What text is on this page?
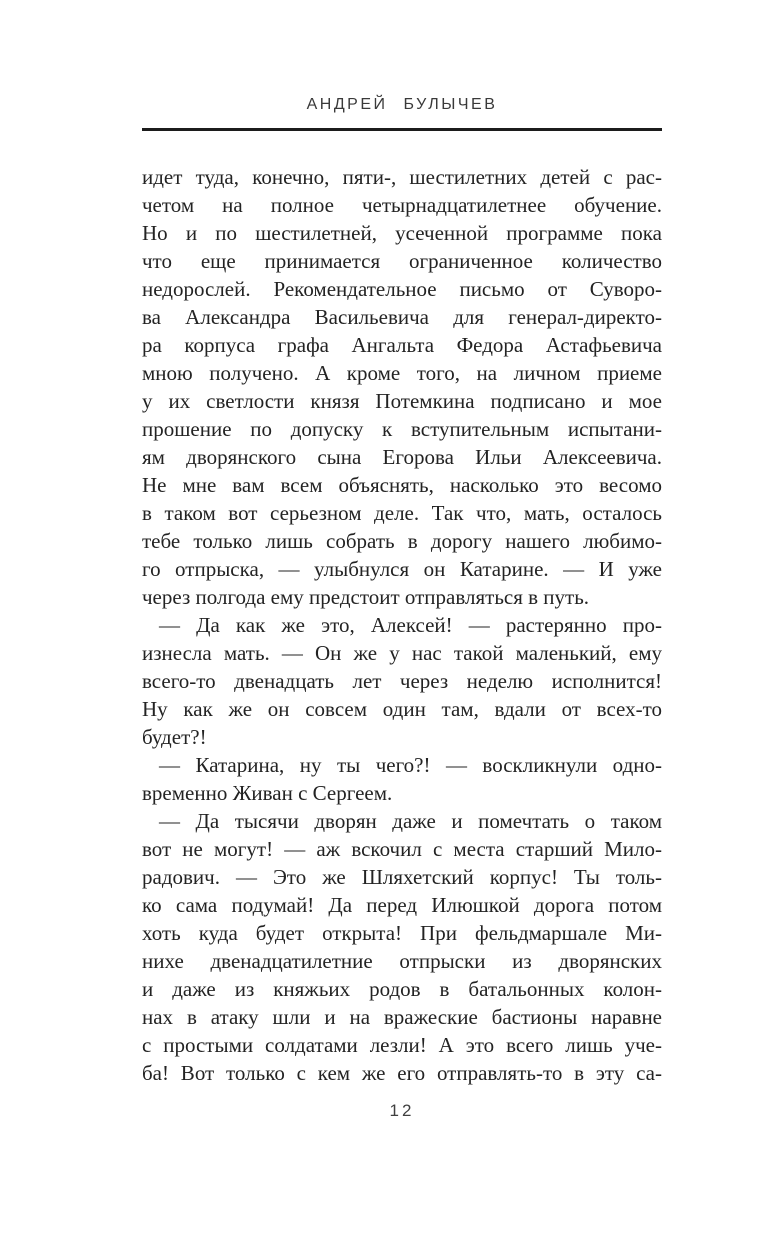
АНДРЕЙ БУЛЫЧЕВ
идет туда, конечно, пяти-, шестилетних детей с рас-
четом на полное четырнадцатилетнее обучение.
Но и по шестилетней, усеченной программе пока
что еще принимается ограниченное количество
недорослей. Рекомендательное письмо от Суворо-
ва Александра Васильевича для генерал-директо-
ра корпуса графа Ангальта Федора Астафьевича
мною получено. А кроме того, на личном приеме
у их светлости князя Потемкина подписано и мое
прошение по допуску к вступительным испытани-
ям дворянского сына Егорова Ильи Алексеевича.
Не мне вам всем объяснять, насколько это весомо
в таком вот серьезном деле. Так что, мать, осталось
тебе только лишь собрать в дорогу нашего любимо-
го отпрыска, — улыбнулся он Катарине. — И уже
через полгода ему предстоит отправляться в путь.
— Да как же это, Алексей! — растерянно про-
изнесла мать. — Он же у нас такой маленький, ему
всего-то двенадцать лет через неделю исполнится!
Ну как же он совсем один там, вдали от всех-то
будет?!
— Катарина, ну ты чего?! — воскликнули одно-
временно Живан с Сергеем.
— Да тысячи дворян даже и помечтать о таком
вот не могут! — аж вскочил с места старший Мило-
радович. — Это же Шляхетский корпус! Ты толь-
ко сама подумай! Да перед Илюшкой дорога потом
хоть куда будет открыта! При фельдмаршале Ми-
нихе двенадцатилетние отпрыски из дворянских
и даже из княжьих родов в батальонных колон-
нах в атаку шли и на вражеские бастионы наравне
с простыми солдатами лезли! А это всего лишь уче-
ба! Вот только с кем же его отправлять-то в эту са-
12
